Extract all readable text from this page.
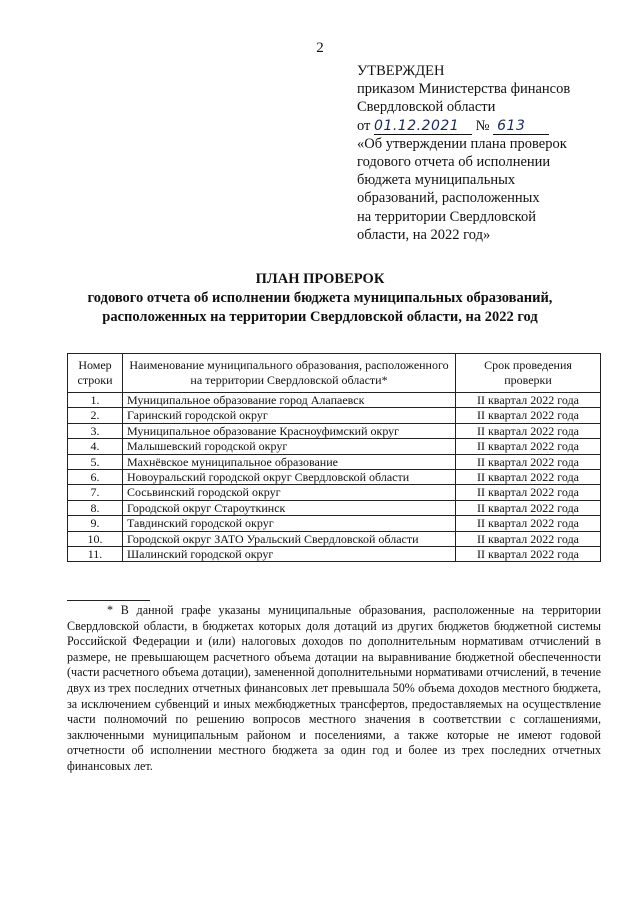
2
УТВЕРЖДЕН
приказом Министерства финансов
Свердловской области
от 01.12.2021 № 613
«Об утверждении плана проверок
годового отчета об исполнении
бюджета муниципальных
образований, расположенных
на территории Свердловской
области, на 2022 год»
ПЛАН ПРОВЕРОК
годового отчета об исполнении бюджета муниципальных образований,
расположенных на территории Свердловской области, на 2022 год
Номер строки	Наименование муниципального образования, расположенного на территории Свердловской области*	Срок проведения проверки
1.	Муниципальное образование город Алапаевск	II квартал 2022 года
2.	Гаринский городской округ	II квартал 2022 года
3.	Муниципальное образование Красноуфимский округ	II квартал 2022 года
4.	Малышевский городской округ	II квартал 2022 года
5.	Махнёвское муниципальное образование	II квартал 2022 года
6.	Новоуральский городской округ Свердловской области	II квартал 2022 года
7.	Сосьвинский городской округ	II квартал 2022 года
8.	Городской округ Староуткинск	II квартал 2022 года
9.	Тавдинский городской округ	II квартал 2022 года
10.	Городской округ ЗАТО Уральский Свердловской области	II квартал 2022 года
11.	Шалинский городской округ	II квартал 2022 года
* В данной графе указаны муниципальные образования, расположенные на территории Свердловской области, в бюджетах которых доля дотаций из других бюджетов бюджетной системы Российской Федерации и (или) налоговых доходов по дополнительным нормативам отчислений в размере, не превышающем расчетного объема дотации на выравнивание бюджетной обеспеченности (части расчетного объема дотации), замененной дополнительными нормативами отчислений, в течение двух из трех последних отчетных финансовых лет превышала 50% объема доходов местного бюджета, за исключением субвенций и иных межбюджетных трансфертов, предоставляемых на осуществление части полномочий по решению вопросов местного значения в соответствии с соглашениями, заключенными муниципальным районом и поселениями, а также которые не имеют годовой отчетности об исполнении местного бюджета за один год и более из трех последних отчетных финансовых лет.
